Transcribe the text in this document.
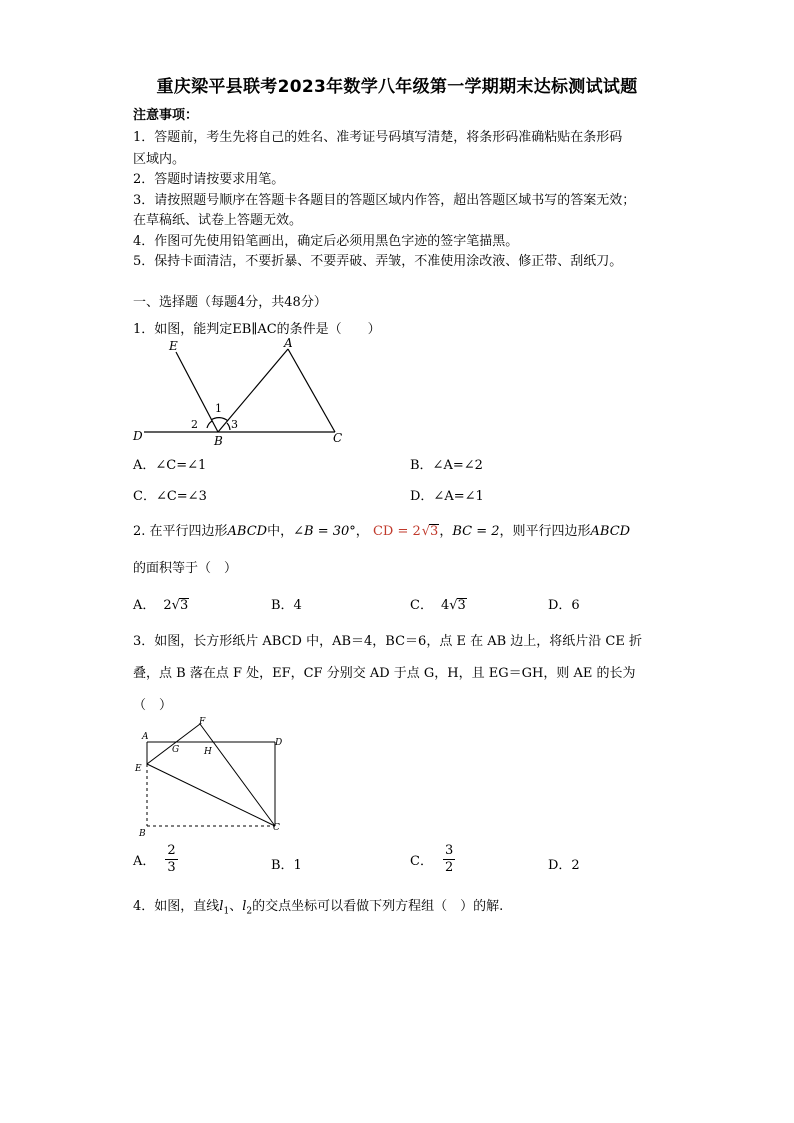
重庆梁平县联考2023年数学八年级第一学期期末达标测试试题
注意事项：
1．答题前，考生先将自己的姓名、准考证号码填写清楚，将条形码准确粘贴在条形码
区域内。
2．答题时请按要求用笔。
3．请按照题号顺序在答题卡各题目的答题区域内作答，超出答题区域书写的答案无效；
在草稿纸、试卷上答题无效。
4．作图可先使用铅笔画出，确定后必须用黑色字迹的签字笔描黑。
5．保持卡面清洁，不要折暴、不要弄破、弄皱，不准使用涂改液、修正带、刮纸刀。
一、选择题（每题4分，共48分）
1．如图，能判定EB∥AC的条件是（　　）
E	A
D	B	C
1
2	3
A．∠C=∠1	B．∠A=∠2
C．∠C=∠3	D．∠A=∠1
2. 在平行四边形ABCD中，∠B = 30°， CD = 2√3，BC = 2，则平行四边形ABCD
的面积等于（　）
A． 2√3	B．4	C． 4√3	D．6
3．如图，长方形纸片 ABCD 中，AB＝4，BC＝6，点 E 在 AB 边上，将纸片沿 CE 折
叠，点 B 落在点 F 处，EF，CF 分别交 AD 于点 G，H，且 EG＝GH，则 AE 的长为
（　）
A
F
D
G	H
E
B
C
A． $\frac{2}{3}$	B．1	C． $\frac{3}{2}$	D．2
4．如图，直线$l_1$、$l_2$的交点坐标可以看做下列方程组（　）的解.
